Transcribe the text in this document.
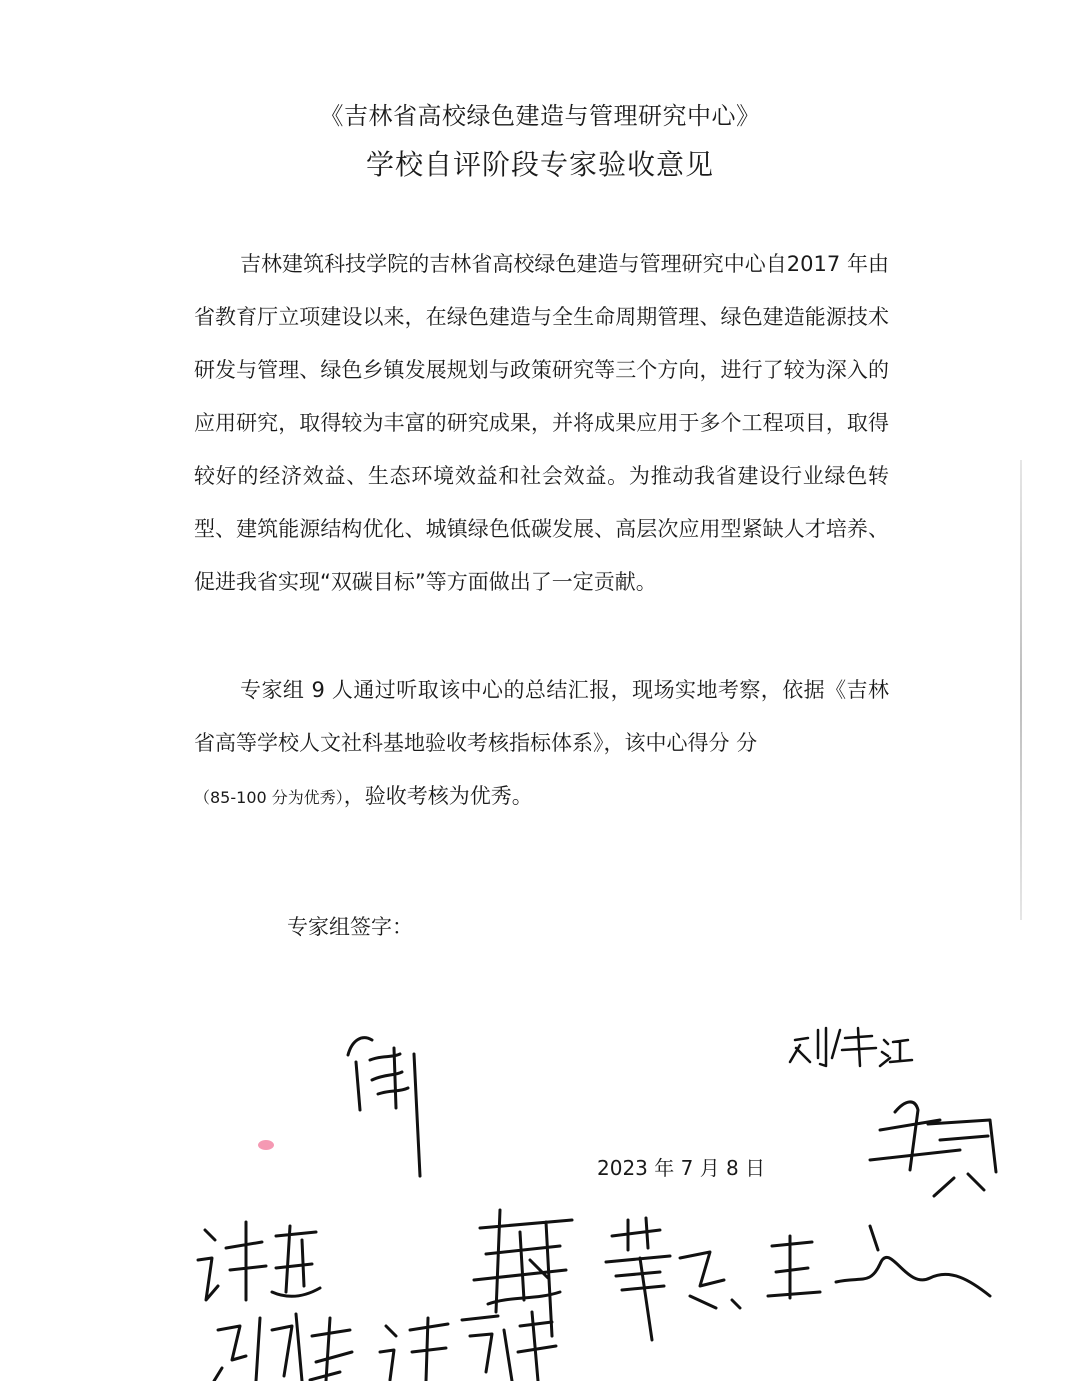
《吉林省高校绿色建造与管理研究中心》
学校自评阶段专家验收意见

吉林建筑科技学院的吉林省高校绿色建造与管理研究中心自2017 年由省教育厅立项建设以来，在绿色建造与全生命周期管理、绿色建造能源技术研发与管理、绿色乡镇发展规划与政策研究等三个方向，进行了较为深入的应用研究，取得较为丰富的研究成果，并将成果应用于多个工程项目，取得较好的经济效益、生态环境效益和社会效益。为推动我省建设行业绿色转型、建筑能源结构优化、城镇绿色低碳发展、高层次应用型紧缺人才培养、促进我省实现“双碳目标”等方面做出了一定贡献。

专家组 9 人通过听取该中心的总结汇报，现场实地考察，依据《吉林省高等学校人文社科基地验收考核指标体系》，该中心得分 分
（85-100 分为优秀），验收考核为优秀。

专家组签字：
2023 年 7 月 8 日
